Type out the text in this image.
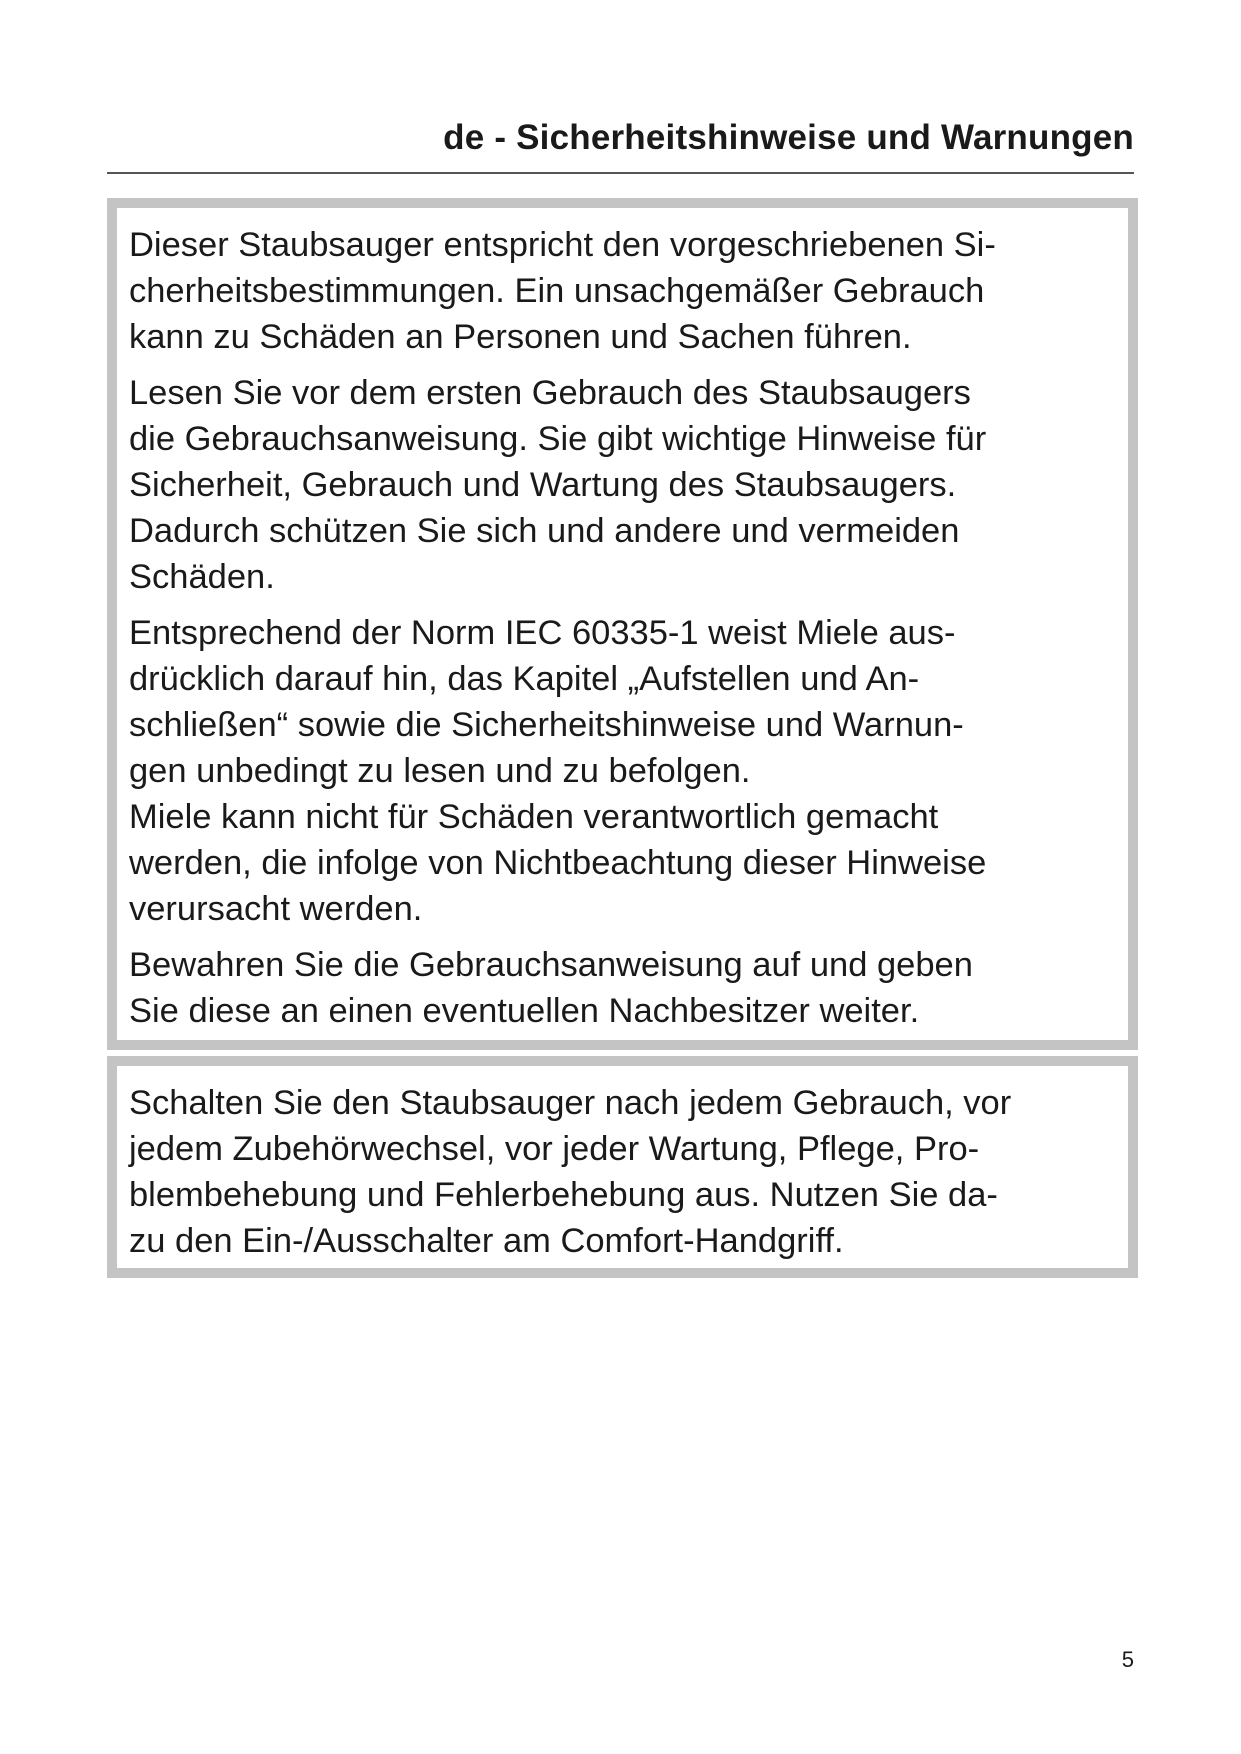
de - Sicherheitshinweise und Warnungen

Dieser Staubsauger entspricht den vorgeschriebenen Si-
cherheitsbestimmungen. Ein unsachgemäßer Gebrauch
kann zu Schäden an Personen und Sachen führen.

Lesen Sie vor dem ersten Gebrauch des Staubsaugers
die Gebrauchsanweisung. Sie gibt wichtige Hinweise für
Sicherheit, Gebrauch und Wartung des Staubsaugers.
Dadurch schützen Sie sich und andere und vermeiden
Schäden.

Entsprechend der Norm IEC 60335-1 weist Miele aus-
drücklich darauf hin, das Kapitel „Aufstellen und An-
schließen“ sowie die Sicherheitshinweise und Warnun-
gen unbedingt zu lesen und zu befolgen.

Miele kann nicht für Schäden verantwortlich gemacht
werden, die infolge von Nichtbeachtung dieser Hinweise
verursacht werden.

Bewahren Sie die Gebrauchsanweisung auf und geben
Sie diese an einen eventuellen Nachbesitzer weiter.

Schalten Sie den Staubsauger nach jedem Gebrauch, vor
jedem Zubehörwechsel, vor jeder Wartung, Pflege, Pro-
blembehebung und Fehlerbehebung aus. Nutzen Sie da-
zu den Ein-/Ausschalter am Comfort-Handgriff.

5
